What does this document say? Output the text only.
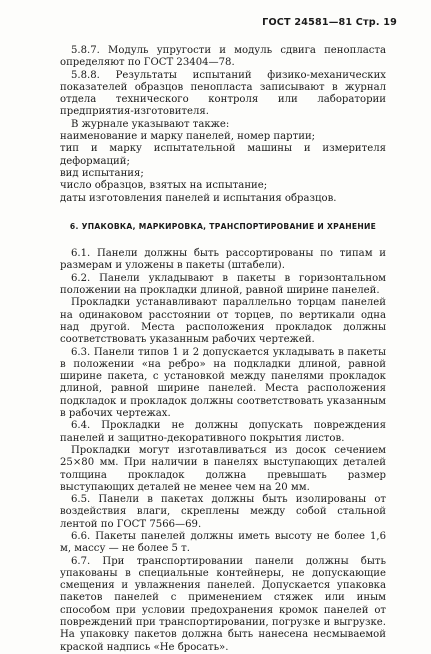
ГОСТ 24581—81 Стр. 19

5.8.7. Модуль упругости и модуль сдвига пенопласта определяют по ГОСТ 23404—78.

5.8.8. Результаты испытаний физико-механических показателей образцов пенопласта записывают в журнал отдела технического контроля или лаборатории предприятия-изготовителя.

В журнале указывают также:

наименование и марку панелей, номер партии;

тип и марку испытательной машины и измерителя деформаций;

вид испытания;

число образцов, взятых на испытание;

даты изготовления панелей и испытания образцов.

6. УПАКОВКА, МАРКИРОВКА, ТРАНСПОРТИРОВАНИЕ И ХРАНЕНИЕ

6.1. Панели должны быть рассортированы по типам и размерам и уложены в пакеты (штабели).

6.2. Панели укладывают в пакеты в горизонтальном положении на прокладки длиной, равной ширине панелей.

Прокладки устанавливают параллельно торцам панелей на одинаковом расстоянии от торцев, по вертикали одна над другой. Места расположения прокладок должны соответствовать указанным рабочих чертежей.

6.3. Панели типов 1 и 2 допускается укладывать в пакеты в положении «на ребро» на подкладки длиной, равной ширине пакета, с установкой между панелями прокладок длиной, равной ширине панелей. Места расположения подкладок и прокладок должны соответствовать указанным в рабочих чертежах.

6.4. Прокладки не должны допускать повреждения панелей и защитно-декоративного покрытия листов.

Прокладки могут изготавливаться из досок сечением 25×80 мм. При наличии в панелях выступающих деталей толщина прокладок должна превышать размер выступающих деталей не менее чем на 20 мм.

6.5. Панели в пакетах должны быть изолированы от воздействия влаги, скреплены между собой стальной лентой по ГОСТ 7566—69.

6.6. Пакеты панелей должны иметь высоту не более 1,6 м, массу — не более 5 т.

6.7. При транспортировании панели должны быть упакованы в специальные контейнеры, не допускающие смещения и увлажнения панелей. Допускается упаковка пакетов панелей с применением стяжек или иным способом при условии предохранения кромок панелей от повреждений при транспортировании, погрузке и выгрузке. На упаковку пакетов должна быть нанесена несмываемой краской надпись «Не бросать».
